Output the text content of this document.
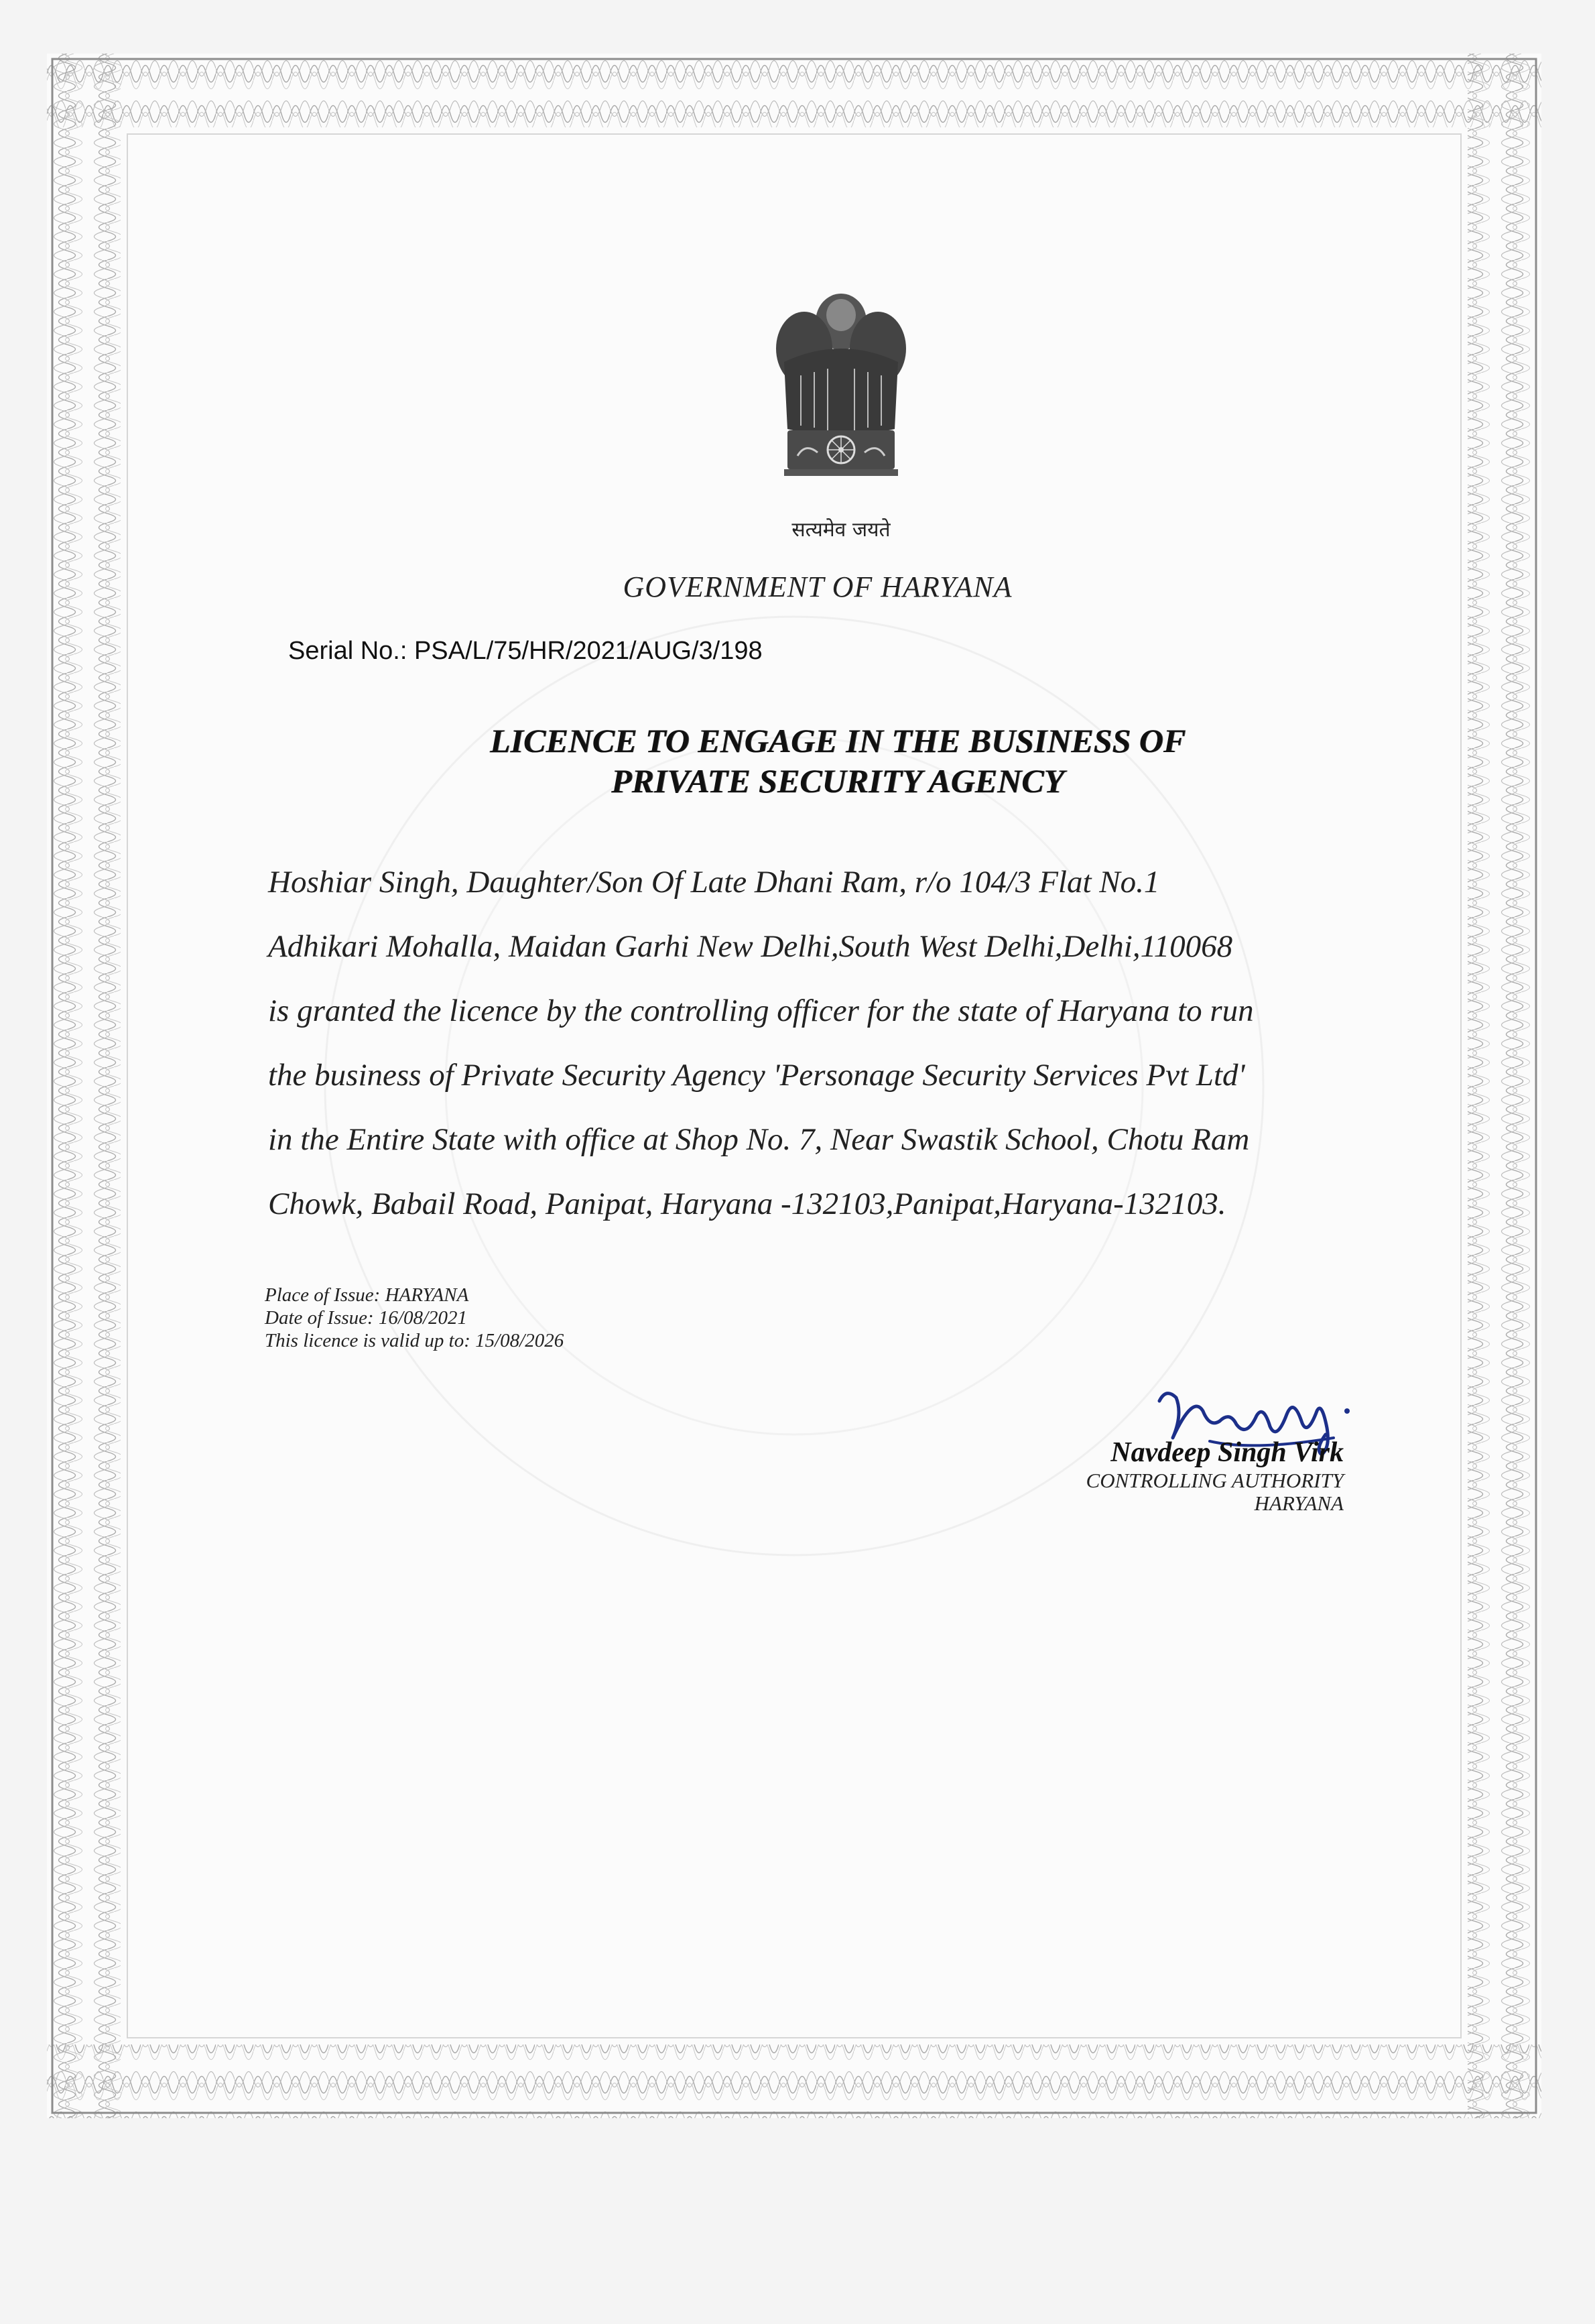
सत्यमेव जयते
GOVERNMENT OF HARYANA
Serial No.: PSA/L/75/HR/2021/AUG/3/198
LICENCE TO ENGAGE IN THE BUSINESS OF
PRIVATE SECURITY AGENCY
Hoshiar Singh, Daughter/Son Of Late Dhani Ram, r/o 104/3 Flat No.1
Adhikari Mohalla, Maidan Garhi New Delhi,South West Delhi,Delhi,110068
is granted the licence by the controlling officer for the state of Haryana to run
the business of Private Security Agency 'Personage Security Services Pvt Ltd'
in the Entire State with office at Shop No. 7, Near Swastik School, Chotu Ram
Chowk, Babail Road, Panipat, Haryana -132103,Panipat,Haryana-132103.
Place of Issue: HARYANA
Date of Issue: 16/08/2021
This licence is valid up to: 15/08/2026
Navdeep Singh Virk
CONTROLLING AUTHORITY
HARYANA
